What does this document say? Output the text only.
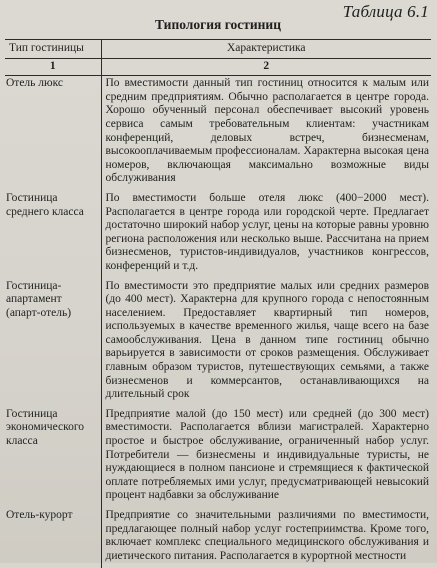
Таблица 6.1
Типология гостиниц
Тип гостиницы	Характеристика
1	2
Отель люкс	По вместимости данный тип гостиниц относится к малым или средним предприятиям. Обычно располагается в центре города. Хорошо обученный персонал обеспечивает высокий уровень сервиса самым требовательным клиентам: участникам конференций, деловых встреч, бизнесменам, высокооплачиваемым профессионалам. Характерна высокая цена номеров, включающая максимально возможные виды обслуживания
Гостиница среднего класса	По вместимости больше отеля люкс (400−2000 мест). Располагается в центре города или городской черте. Предлагает достаточно широкий набор услуг, цены на которые равны уровню региона расположения или несколько выше. Рассчитана на прием бизнесменов, туристов-индивидуалов, участников конгрессов, конференций и т.д.
Гостиница-апартамент (апарт-отель)	По вместимости это предприятие малых или средних размеров (до 400 мест). Характерна для крупного города с непостоянным населением. Предоставляет квартирный тип номеров, используемых в качестве временного жилья, чаще всего на базе самообслуживания. Цена в данном типе гостиниц обычно варьируется в зависимости от сроков размещения. Обслуживает главным образом туристов, путешествующих семьями, а также бизнесменов и коммерсантов, останавливающихся на длительный срок
Гостиница экономического класса	Предприятие малой (до 150 мест) или средней (до 300 мест) вместимости. Располагается вблизи магистралей. Характерно простое и быстрое обслуживание, ограниченный набор услуг. Потребители — бизнесмены и индивидуальные туристы, не нуждающиеся в полном пансионе и стремящиеся к фактической оплате потребляемых ими услуг, предусматривающей невысокий процент надбавки за обслуживание
Отель-курорт	Предприятие со значительными различиями по вместимости, предлагающее полный набор услуг гостеприимства. Кроме того, включает комплекс специального медицинского обслуживания и диетического питания. Располагается в курортной местности
